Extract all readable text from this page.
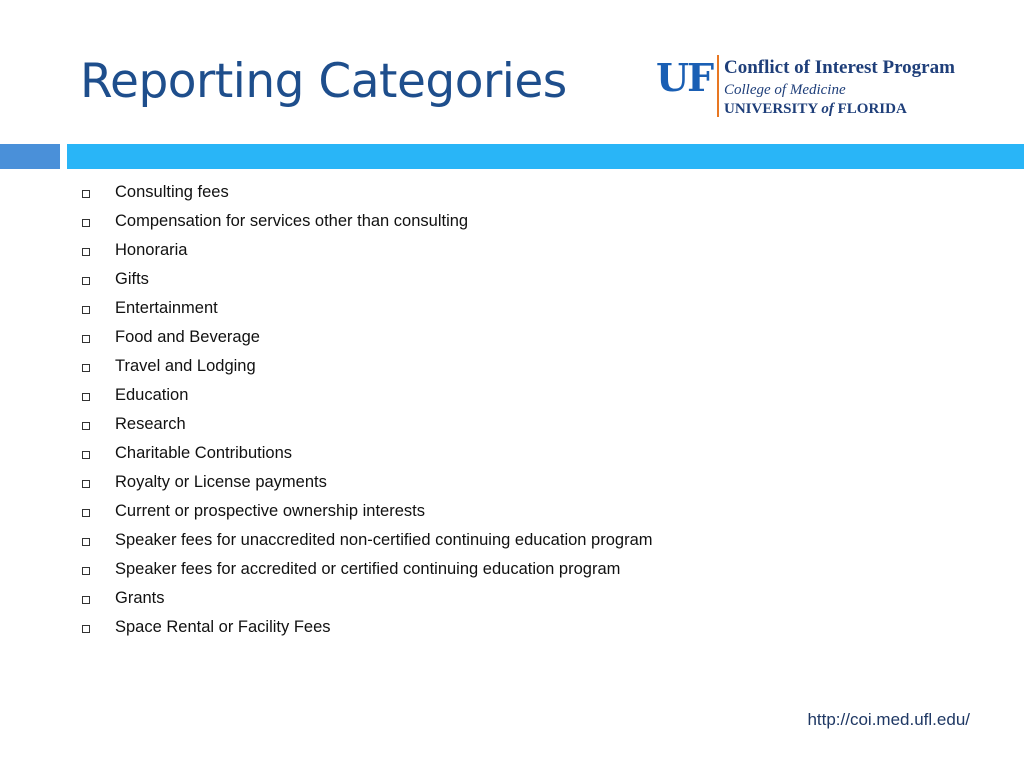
Reporting Categories UF Conflict of Interest Program
College of Medicine
UNIVERSITY of FLORIDA
Consulting fees
Compensation for services other than consulting
Honoraria
Gifts
Entertainment
Food and Beverage
Travel and Lodging
Education
Research
Charitable Contributions
Royalty or License payments
Current or prospective ownership interests
Speaker fees for unaccredited non-certified continuing education program
Speaker fees for accredited or certified continuing education program
Grants
Space Rental or Facility Fees
http://coi.med.ufl.edu/
